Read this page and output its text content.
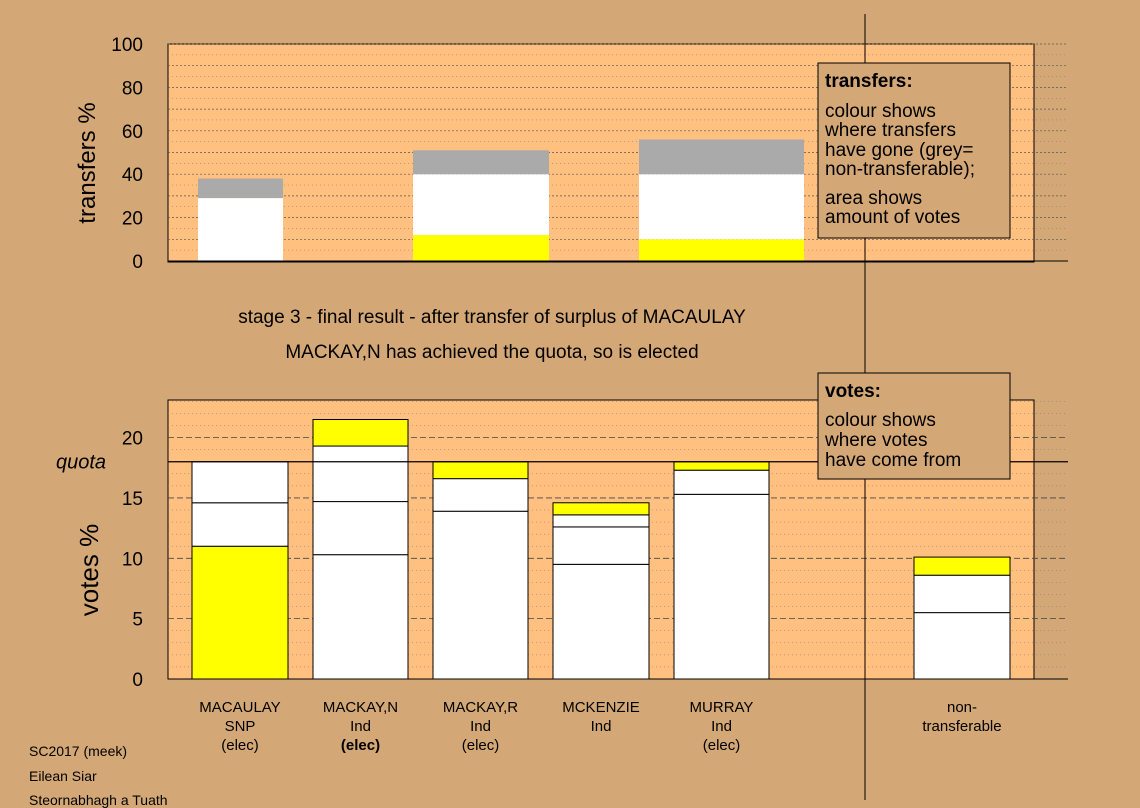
0
20
40
60
80
100
0
5
10
15
20
quota
transfers %
votes %
stage 3 - final result - after transfer of surplus of MACAULAY
MACKAY,N has achieved the quota, so is elected
transfers:
colour shows
where transfers
have gone (grey=
non-transferable);
area shows
amount of votes
votes:
colour shows
where votes
have come from
MACAULAY
SNP
(elec)
MACKAY,N
Ind
(elec)
MACKAY,R
Ind
(elec)
MCKENZIE
Ind
MURRAY
Ind
(elec)
non-
transferable
SC2017 (meek)
Eilean Siar
Steornabhagh a Tuath
